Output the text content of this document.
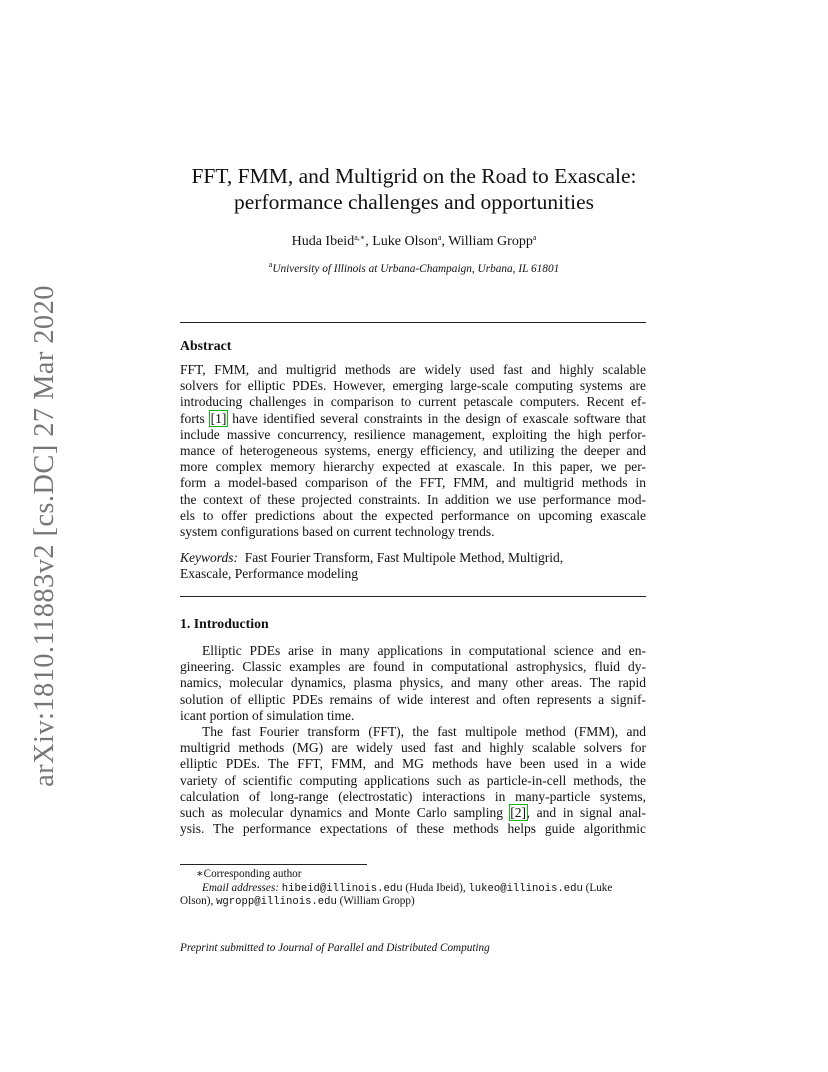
arXiv:1810.11883v2 [cs.DC] 27 Mar 2020
FFT, FMM, and Multigrid on the Road to Exascale:
performance challenges and opportunities
Huda Ibeid$^{a,∗}$, Luke Olson$^a$, William Gropp$^a$
$^a$University of Illinois at Urbana-Champaign, Urbana, IL 61801
Abstract
FFT, FMM, and multigrid methods are widely used fast and highly scalable
solvers for elliptic PDEs. However, emerging large-scale computing systems are
introducing challenges in comparison to current petascale computers. Recent ef-
forts [1] have identified several constraints in the design of exascale software that
include massive concurrency, resilience management, exploiting the high perfor-
mance of heterogeneous systems, energy efficiency, and utilizing the deeper and
more complex memory hierarchy expected at exascale. In this paper, we per-
form a model-based comparison of the FFT, FMM, and multigrid methods in
the context of these projected constraints. In addition we use performance mod-
els to offer predictions about the expected performance on upcoming exascale
system configurations based on current technology trends.
Keywords: Fast Fourier Transform, Fast Multipole Method, Multigrid,
Exascale, Performance modeling
1. Introduction
Elliptic PDEs arise in many applications in computational science and en-
gineering. Classic examples are found in computational astrophysics, fluid dy-
namics, molecular dynamics, plasma physics, and many other areas. The rapid
solution of elliptic PDEs remains of wide interest and often represents a signif-
icant portion of simulation time.
The fast Fourier transform (FFT), the fast multipole method (FMM), and
multigrid methods (MG) are widely used fast and highly scalable solvers for
elliptic PDEs. The FFT, FMM, and MG methods have been used in a wide
variety of scientific computing applications such as particle-in-cell methods, the
calculation of long-range (electrostatic) interactions in many-particle systems,
such as molecular dynamics and Monte Carlo sampling [2], and in signal anal-
ysis. The performance expectations of these methods helps guide algorithmic
∗Corresponding author
Email addresses: hibeid@illinois.edu (Huda Ibeid), lukeo@illinois.edu (Luke
Olson), wgropp@illinois.edu (William Gropp)
Preprint submitted to Journal of Parallel and Distributed Computing
